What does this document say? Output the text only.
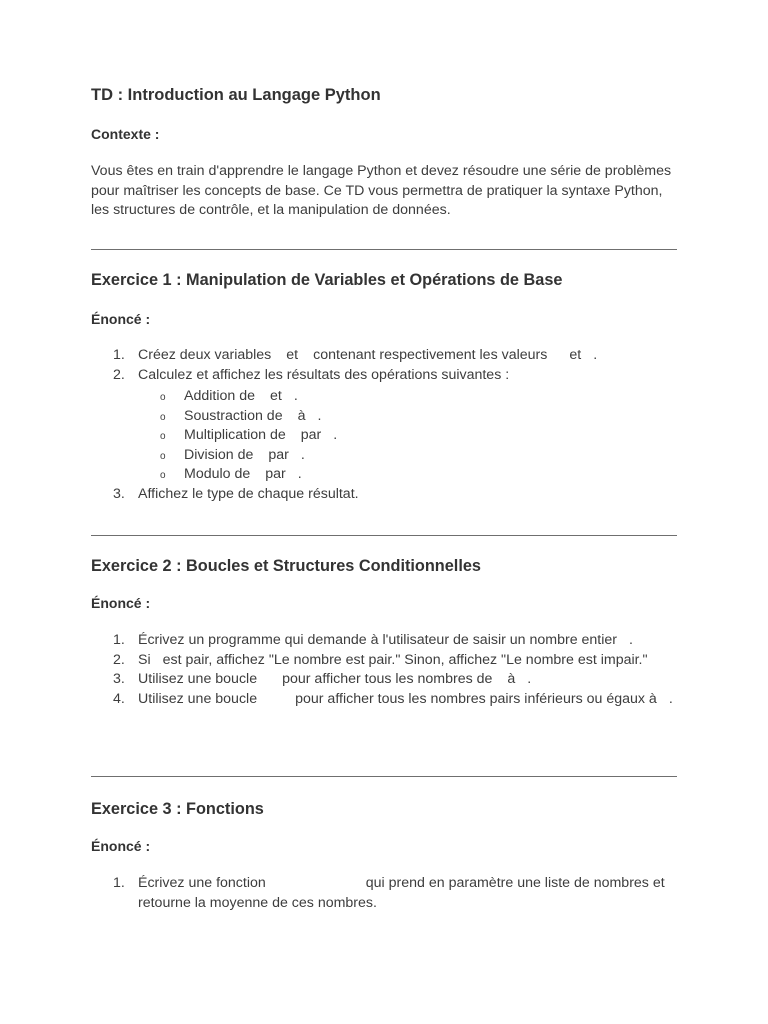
TD : Introduction au Langage Python
Contexte :
Vous êtes en train d'apprendre le langage Python et devez résoudre une série de problèmes pour maîtriser les concepts de base. Ce TD vous permettra de pratiquer la syntaxe Python, les structures de contrôle, et la manipulation de données.
Exercice 1 : Manipulation de Variables et Opérations de Base
Énoncé :
1. Créez deux variables et contenant respectivement les valeurs et .
2. Calculez et affichez les résultats des opérations suivantes :
o Addition de et .
o Soustraction de à .
o Multiplication de par .
o Division de par .
o Modulo de par .
3. Affichez le type de chaque résultat.
Exercice 2 : Boucles et Structures Conditionnelles
Énoncé :
1. Écrivez un programme qui demande à l'utilisateur de saisir un nombre entier .
2. Si est pair, affichez "Le nombre est pair." Sinon, affichez "Le nombre est impair."
3. Utilisez une boucle pour afficher tous les nombres de à .
4. Utilisez une boucle	pour afficher tous les nombres pairs inférieurs ou égaux à .
Exercice 3 : Fonctions
Énoncé :
1. Écrivez une fonction	qui prend en paramètre une liste de nombres et retourne la moyenne de ces nombres.
